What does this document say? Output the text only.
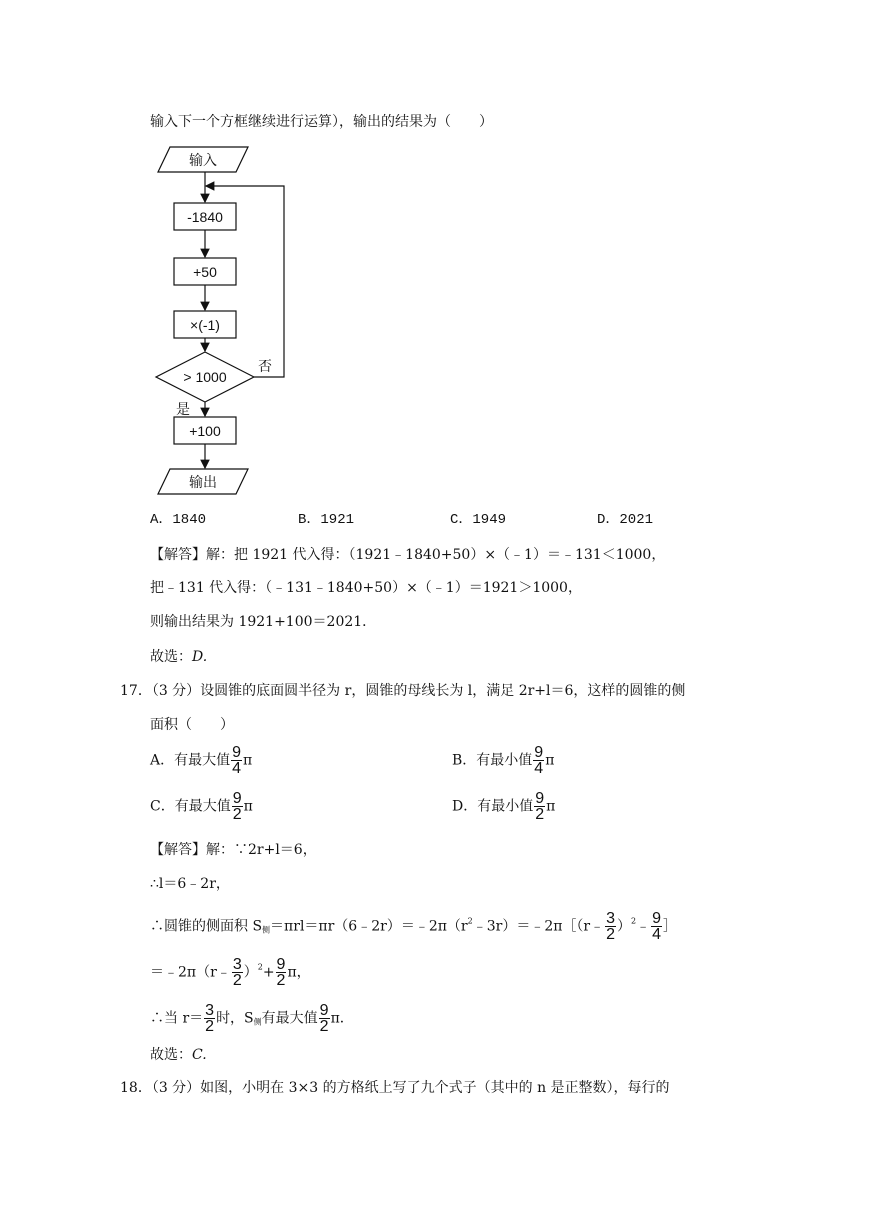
输入下一个方框继续进行运算），输出的结果为（　　）
输入
-1840
+50
×(-1)
> 1000
否
是
+100
输出
A．1840	B．1921	C．1949	D．2021
【解答】解：把 1921 代入得：（1921﹣1840+50）×（﹣1）＝﹣131＜1000，
把﹣131 代入得：（﹣131﹣1840+50）×（﹣1）＝1921＞1000，
则输出结果为 1921+100＝2021．
故选：D.
17．（3 分）设圆锥的底面圆半径为 r，圆锥的母线长为 l，满足 2r+l＝6，这样的圆锥的侧
面积（　　）
A．有最大值 $\frac{9}{4}$ π	B．有最小值 $\frac{9}{4}$ π
C．有最大值 $\frac{9}{2}$ π	D．有最小值 $\frac{9}{2}$ π
【解答】解：∵2r+l＝6，
∴l＝6﹣2r，
∴圆锥的侧面积 $S_侧=\pi rl=\pi r(6﹣2r)=﹣2\pi(r^2﹣3r)=﹣2\pi[(r﹣ \frac{3}{2}$ ）$^2$﹣ $\frac{9}{4}$ ］
＝﹣2π（r﹣ $\frac{3}{2} )^2+ \frac{9}{2}$ π，
∴当 $r= \frac{3}{2}$ 时，$S_侧$有最大值 $\frac{9}{2}$ π．
故选：C.
18．（3 分）如图，小明在 3×3 的方格纸上写了九个式子（其中的 n 是正整数），每行的
